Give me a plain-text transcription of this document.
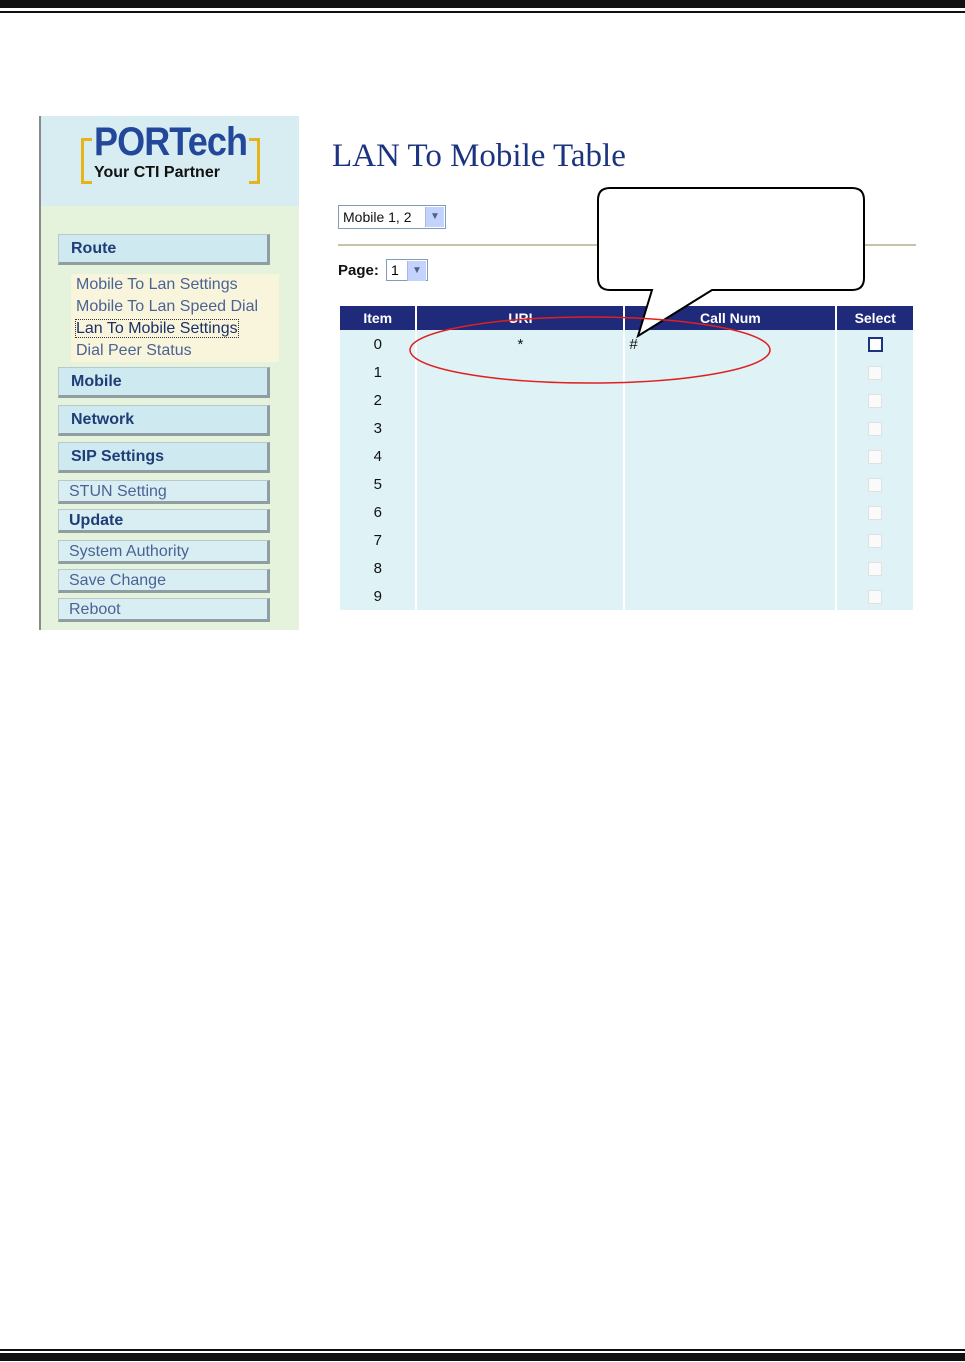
PORTech
Your CTI Partner
Route
Mobile To Lan Settings
Mobile To Lan Speed Dial
Lan To Mobile Settings
Dial Peer Status
Mobile
Network
SIP Settings
STUN Setting
Update
System Authority
Save Change
Reboot
LAN To Mobile Table
Mobile 1, 2	▼
Page: 1	▼
Item	URI	Call Num	Select
0	*	#	
1			
2			
3			
4			
5			
6			
7			
8			
9			
